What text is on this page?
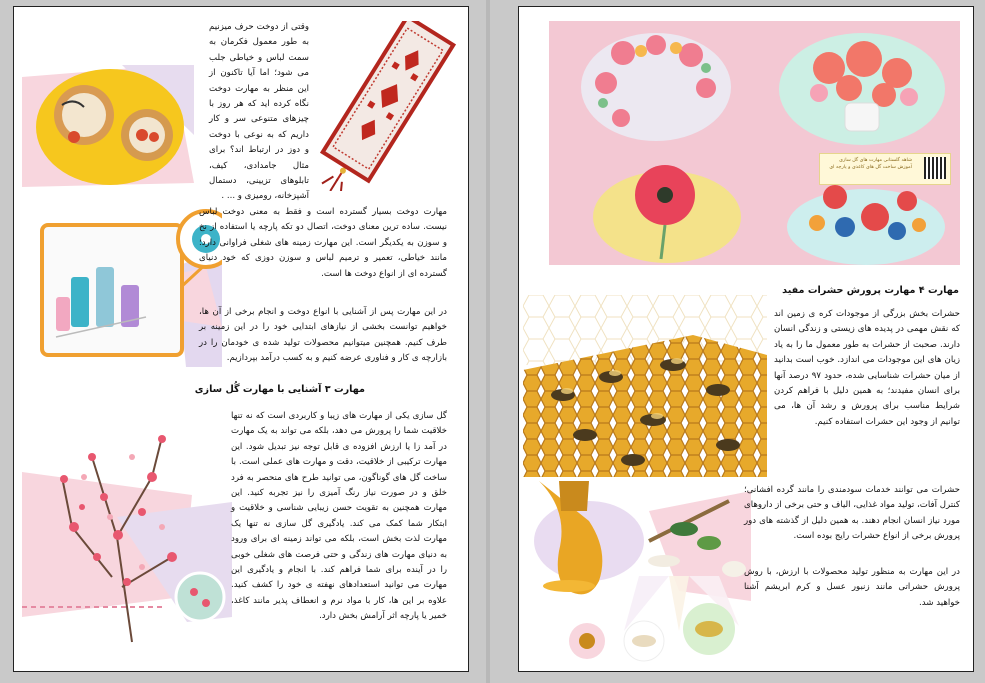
وقتی از دوخت حرف میزنیم به طور معمول فکرمان به سمت لباس و خیاطی جلب می شود؛ اما آیا تاکنون از این منظر به مهارت دوخت نگاه کرده اید که هر روز با چیزهای متنوعی سر و کار داریم که به نوعی با دوخت و دوز در ارتباط اند؟ برای مثال جامدادی، کیف، تابلوهای تزیینی، دستمال آشپزخانه، رومیزی و ... .

مهارت دوخت بسیار گسترده است و فقط به معنی دوخت لباس نیست. ساده ترین معنای دوخت، اتصال دو تکه پارچه یا استفاده از نخ و سوزن به یکدیگر است. این مهارت زمینه های شغلی فراوانی دارد؛ مانند خیاطی، تعمیر و ترمیم لباس و سوزن دوزی که خود دنیای گسترده ای از انواع دوخت ها است.

در این مهارت پس از آشنایی با انواع دوخت و انجام برخی از آن ها، خواهیم توانست بخشی از نیازهای ابتدایی خود را در این زمینه بر طرف کنیم. همچنین میتوانیم محصولات تولید شده ی خودمان را در بازارچه ی کار و فناوری عرضه کنیم و به کسب درآمد بپردازیم.

مهارت ۳ آشنایی با مهارت گُل سازی

گل سازی یکی از مهارت های زیبا و کاربردی است که نه تنها خلاقیت شما را پرورش می دهد، بلکه می تواند به یک مهارت در آمد زا یا ارزش افزوده ی قابل توجه نیز تبدیل شود. این مهارت ترکیبی از خلاقیت، دقت و مهارت های عملی است. با ساخت گل های گوناگون، می توانید طرح های منحصر به فرد خلق و در صورت نیاز رنگ آمیزی را نیز تجربه کنید. این مهارت همچنین به تقویت حسن زیبایی شناسی و خلاقیت و ابتکار شما کمک می کند. یادگیری گل سازی نه تنها یک مهارت لذت بخش است، بلکه می تواند زمینه ای برای ورود به دنیای مهارت های زندگی و حتی فرصت های شغلی خوبی را در آینده برای شما فراهم کند. با انجام و یادگیری این مهارت می توانید استعدادهای نهفته ی خود را کشف کنید. علاوه بر این ها، کار با مواد نرم و انعطاف پذیر مانند کاغذ، خمیر یا پارچه اثر آرامش بخش دارد.

شاهد گلستانی مهارت های گل سازی آموزش ساخت گل های کاغذی و پارچه ای

مهارت ۴ مهارت پرورش حشرات مفید

حشرات بخش بزرگی از موجودات کره ی زمین اند که نقش مهمی در پدیده های زیستی و زندگی انسان دارند. صحبت از حشرات به طور معمول ما را به یاد زیان های این موجودات می اندازد. خوب است بدانید از میان حشرات شناسایی شده، حدود ۹۷ درصد آنها برای انسان مفیدند؛ به همین دلیل با فراهم کردن شرایط مناسب برای پرورش و رشد آن ها، می توانیم از وجود این حشرات استفاده کنیم.

حشرات می توانند خدمات سودمندی را مانند گرده افشانی؛ کنترل آفات، تولید مواد غذایی، الیاف و حتی برخی از داروهای مورد نیاز انسان انجام دهند. به همین دلیل از گذشته های دور پرورش برخی از انواع حشرات رایج بوده است.

در این مهارت به منظور تولید محصولات با ارزش، با روش پرورش حشراتی مانند زنبور عسل و کرم ابریشم آشنا خواهید شد.
